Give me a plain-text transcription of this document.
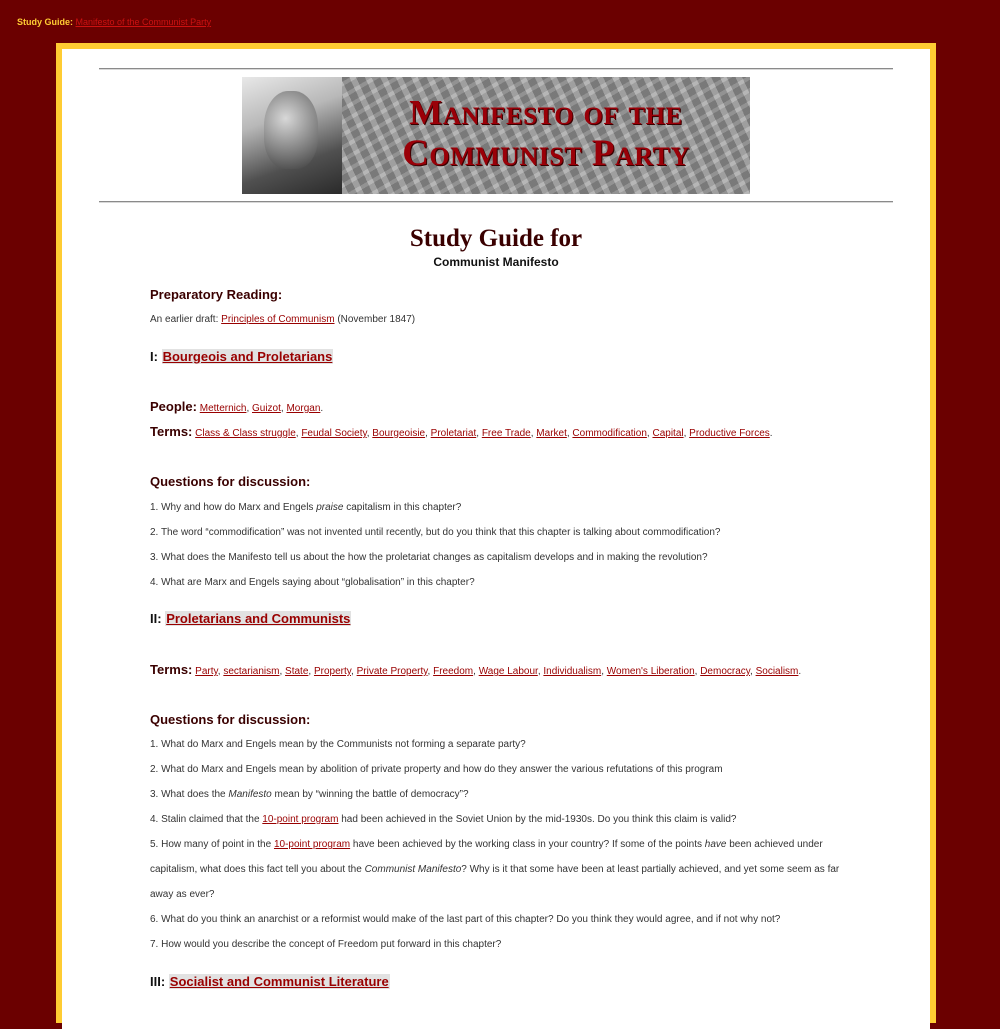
Study Guide: Manifesto of the Communist Party
Manifesto of the
Communist Party
Study Guide for
Communist Manifesto
Preparatory Reading:
An earlier draft: Principles of Communism (November 1847)
I: Bourgeois and Proletarians
People: Metternich, Guizot, Morgan.
Terms: Class & Class struggle, Feudal Society, Bourgeoisie, Proletariat, Free Trade, Market, Commodification, Capital, Productive Forces.
Questions for discussion:
1. Why and how do Marx and Engels praise capitalism in this chapter?
2. The word “commodification” was not invented until recently, but do you think that this chapter is talking about commodification?
3. What does the Manifesto tell us about the how the proletariat changes as capitalism develops and in making the revolution?
4. What are Marx and Engels saying about “globalisation” in this chapter?
II: Proletarians and Communists
Terms: Party, sectarianism, State, Property, Private Property, Freedom, Wage Labour, Individualism, Women's Liberation, Democracy, Socialism.
Questions for discussion:
1. What do Marx and Engels mean by the Communists not forming a separate party?
2. What do Marx and Engels mean by abolition of private property and how do they answer the various refutations of this program
3. What does the Manifesto mean by “winning the battle of democracy”?
4. Stalin claimed that the 10-point program had been achieved in the Soviet Union by the mid-1930s. Do you think this claim is valid?
5. How many of point in the 10-point program have been achieved by the working class in your country? If some of the points have been achieved under capitalism, what does this fact tell you about the Communist Manifesto? Why is it that some have been at least partially achieved, and yet some seem as far away as ever?
6. What do you think an anarchist or a reformist would make of the last part of this chapter? Do you think they would agree, and if not why not?
7. How would you describe the concept of Freedom put forward in this chapter?
III: Socialist and Communist Literature
